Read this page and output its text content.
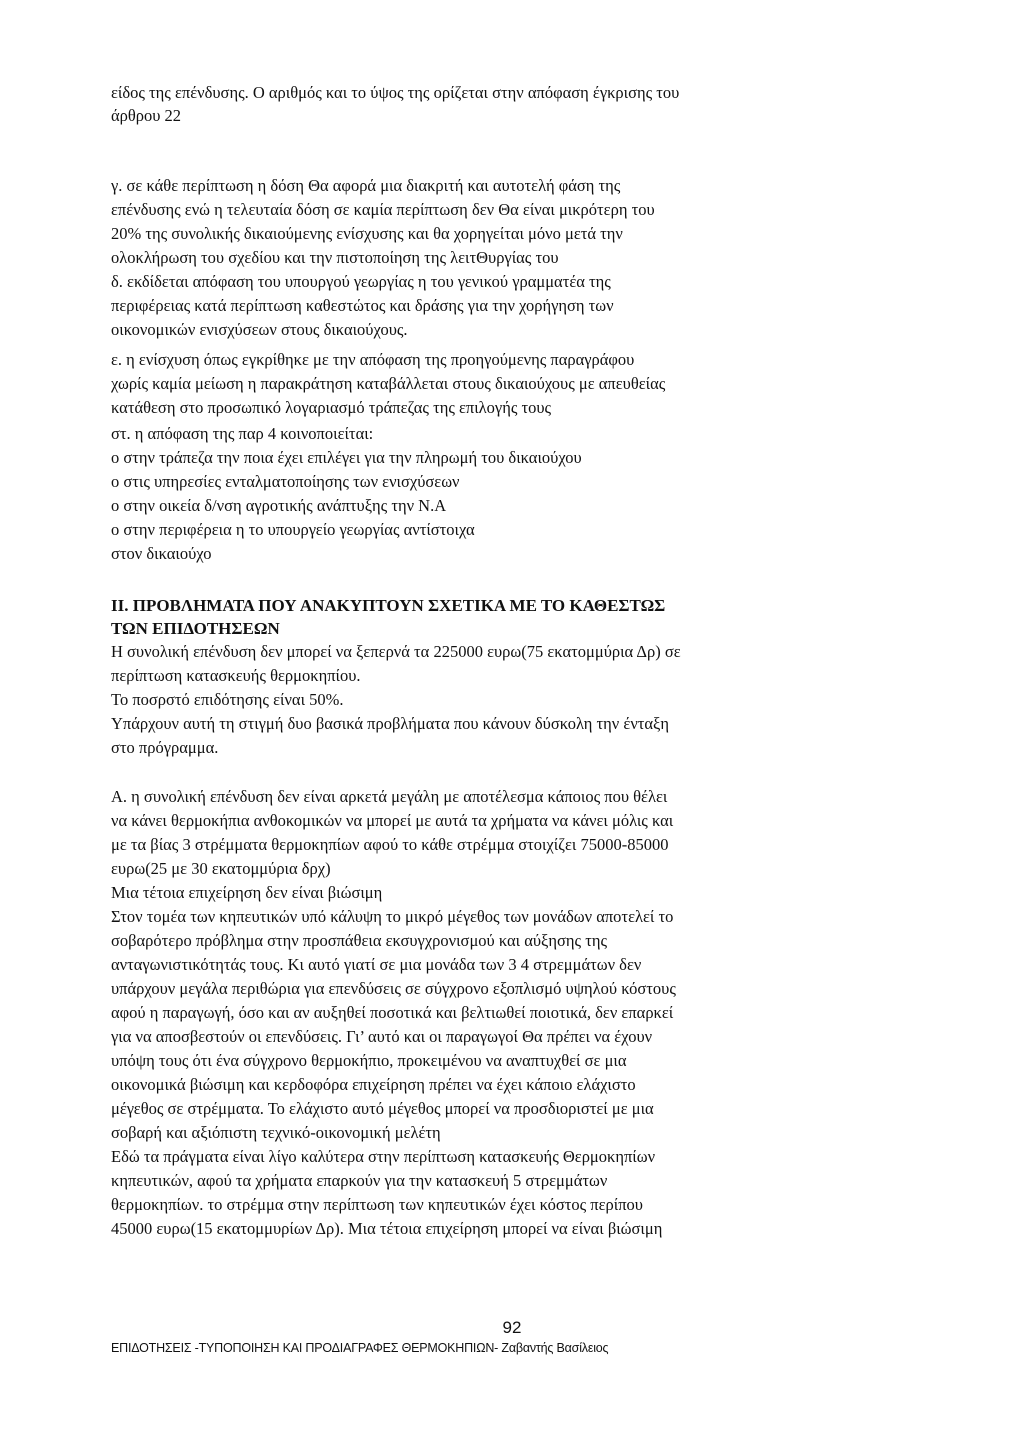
είδος της επένδυσης. Ο αριθμός και το ύψος της ορίζεται στην απόφαση έγκρισης του
άρθρου 22
γ. σε κάθε περίπτωση η δόση Θα αφορά μια διακριτή και αυτοτελή φάση της
επένδυσης ενώ η τελευταία δόση σε καμία περίπτωση δεν Θα είναι μικρότερη του
20% της συνολικής δικαιούμενης ενίσχυσης και θα χορηγείται μόνο μετά την
ολοκλήρωση του σχεδίου και την πιστοποίηση της λειτΘυργίας του
δ. εκδίδεται απόφαση του υπουργού γεωργίας η του γενικού γραμματέα της
περιφέρειας κατά περίπτωση καθεστώτος και δράσης για την χορήγηση των
οικονομικών ενισχύσεων στους δικαιούχους.
ε. η ενίσχυση όπως εγκρίθηκε με την απόφαση της προηγούμενης παραγράφου
χωρίς καμία μείωση η παρακράτηση καταβάλλεται στους δικαιούχους με απευθείας
κατάθεση στο προσωπικό λογαριασμό τράπεζας της επιλογής τους
στ. η απόφαση της παρ 4 κοινοποιείται:
ο στην τράπεζα την ποια έχει επιλέγει για την πληρωμή του δικαιούχου
ο στις υπηρεσίες ενταλματοποίησης των ενισχύσεων
ο στην οικεία δ/νση αγροτικής ανάπτυξης την Ν.Α
ο στην περιφέρεια η το υπουργείο γεωργίας αντίστοιχα
στον δικαιούχο
II. ΠΡΟΒΛΗΜΑΤΑ ΠΟΥ ΑΝΑΚΥΠΤΟΥΝ ΣΧΕΤΙΚΑ ΜΕ ΤΟ ΚΑΘΕΣΤΩΣ
ΤΩΝ ΕΠΙΔΟΤΗΣΕΩΝ
Η συνολική επένδυση δεν μπορεί να ξεπερνά τα 225000 ευρω(75 εκατομμύρια Δρ) σε
περίπτωση κατασκευής θερμοκηπίου.
Το ποσρστό επιδότησης είναι 50%.
Υπάρχουν αυτή τη στιγμή δυο βασικά προβλήματα που κάνουν δύσκολη την ένταξη
στο πρόγραμμα.
Α. η συνολική επένδυση δεν είναι αρκετά μεγάλη με αποτέλεσμα κάποιος που θέλει
να κάνει θερμοκήπια ανθοκομικών να μπορεί με αυτά τα χρήματα να κάνει μόλις και
με τα βίας 3 στρέμματα θερμοκηπίων αφού το κάθε στρέμμα στοιχίζει 75000-85000
ευρω(25 με 30 εκατομμύρια δρχ)
Μια τέτοια επιχείρηση δεν είναι βιώσιμη
Στον τομέα των κηπευτικών υπό κάλυψη το μικρό μέγεθος των μονάδων αποτελεί το
σοβαρότερο πρόβλημα στην προσπάθεια εκσυγχρονισμού και αύξησης της
ανταγωνιστικότητάς τους. Κι αυτό γιατί σε μια μονάδα των 3 4 στρεμμάτων δεν
υπάρχουν μεγάλα περιθώρια για επενδύσεις σε σύγχρονο εξοπλισμό υψηλού κόστους
αφού η παραγωγή, όσο και αν αυξηθεί ποσοτικά και βελτιωθεί ποιοτικά, δεν επαρκεί
για να αποσβεστούν οι επενδύσεις. Γι’ αυτό και οι παραγωγοί Θα πρέπει να έχουν
υπόψη τους ότι ένα σύγχρονο θερμοκήπιο, προκειμένου να αναπτυχθεί σε μια
οικονομικά βιώσιμη και κερδοφόρα επιχείρηση πρέπει να έχει κάποιο ελάχιστο
μέγεθος σε στρέμματα. Το ελάχιστο αυτό μέγεθος μπορεί να προσδιοριστεί με μια
σοβαρή και αξιόπιστη τεχνικό-οικονομική μελέτη
Εδώ τα πράγματα είναι λίγο καλύτερα στην περίπτωση κατασκευής Θερμοκηπίων
κηπευτικών, αφού τα χρήματα επαρκούν για την κατασκευή 5 στρεμμάτων
θερμοκηπίων. το στρέμμα στην περίπτωση των κηπευτικών έχει κόστος περίπου
45000 ευρω(15 εκατομμυρίων Δρ). Μια τέτοια επιχείρηση μπορεί να είναι βιώσιμη
92
ΕΠΙΔΟΤΗΣΕΙΣ -ΤΥΠΟΠΟΙΗΣΗ ΚΑΙ ΠΡΟΔΙΑΓΡΑΦΕΣ ΘΕΡΜΟΚΗΠΙΩΝ- Ζαβαντής Βασίλειος
